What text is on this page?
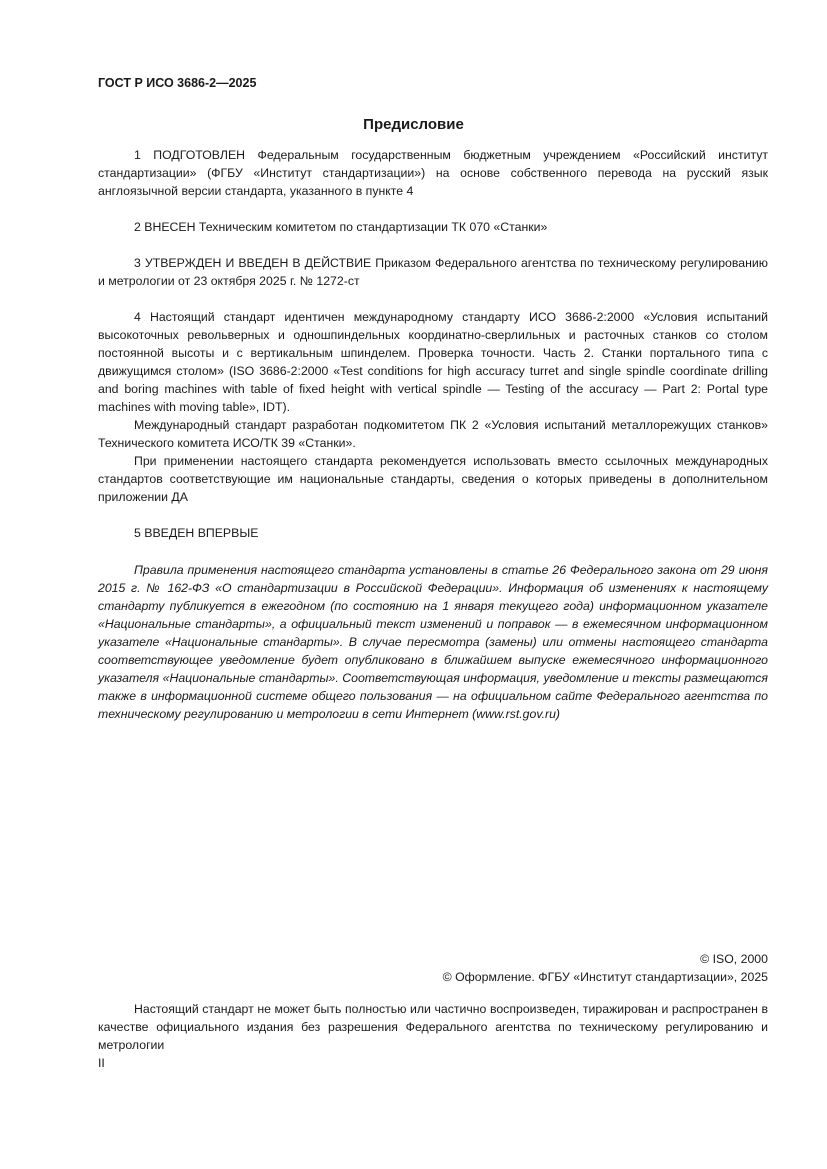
ГОСТ Р ИСО 3686-2—2025
Предисловие

1 ПОДГОТОВЛЕН Федеральным государственным бюджетным учреждением «Российский институт стандартизации» (ФГБУ «Институт стандартизации») на основе собственного перевода на русский язык англоязычной версии стандарта, указанного в пункте 4

2 ВНЕСЕН Техническим комитетом по стандартизации ТК 070 «Станки»

3 УТВЕРЖДЕН И ВВЕДЕН В ДЕЙСТВИЕ Приказом Федерального агентства по техническому регулированию и метрологии от 23 октября 2025 г. № 1272-ст

4 Настоящий стандарт идентичен международному стандарту ИСО 3686-2:2000 «Условия испытаний высокоточных револьверных и одношпиндельных координатно-сверлильных и расточных станков со столом постоянной высоты и с вертикальным шпинделем. Проверка точности. Часть 2. Станки портального типа с движущимся столом» (ISO 3686-2:2000 «Test conditions for high accuracy turret and single spindle coordinate drilling and boring machines with table of fixed height with vertical spindle — Testing of the accuracy — Part 2: Portal type machines with moving table», IDT).

Международный стандарт разработан подкомитетом ПК 2 «Условия испытаний металлорежущих станков» Технического комитета ИСО/ТК 39 «Станки».

При применении настоящего стандарта рекомендуется использовать вместо ссылочных международных стандартов соответствующие им национальные стандарты, сведения о которых приведены в дополнительном приложении ДА

5 ВВЕДЕН ВПЕРВЫЕ

Правила применения настоящего стандарта установлены в статье 26 Федерального закона от 29 июня 2015 г. № 162-ФЗ «О стандартизации в Российской Федерации». Информация об изменениях к настоящему стандарту публикуется в ежегодном (по состоянию на 1 января текущего года) информационном указателе «Национальные стандарты», а официальный текст изменений и поправок — в ежемесячном информационном указателе «Национальные стандарты». В случае пересмотра (замены) или отмены настоящего стандарта соответствующее уведомление будет опубликовано в ближайшем выпуске ежемесячного информационного указателя «Национальные стандарты». Соответствующая информация, уведомление и тексты размещаются также в информационной системе общего пользования — на официальном сайте Федерального агентства по техническому регулированию и метрологии в сети Интернет (www.rst.gov.ru)

© ISO, 2000
© Оформление. ФГБУ «Институт стандартизации», 2025

Настоящий стандарт не может быть полностью или частично воспроизведен, тиражирован и распространен в качестве официального издания без разрешения Федерального агентства по техническому регулированию и метрологии

II
